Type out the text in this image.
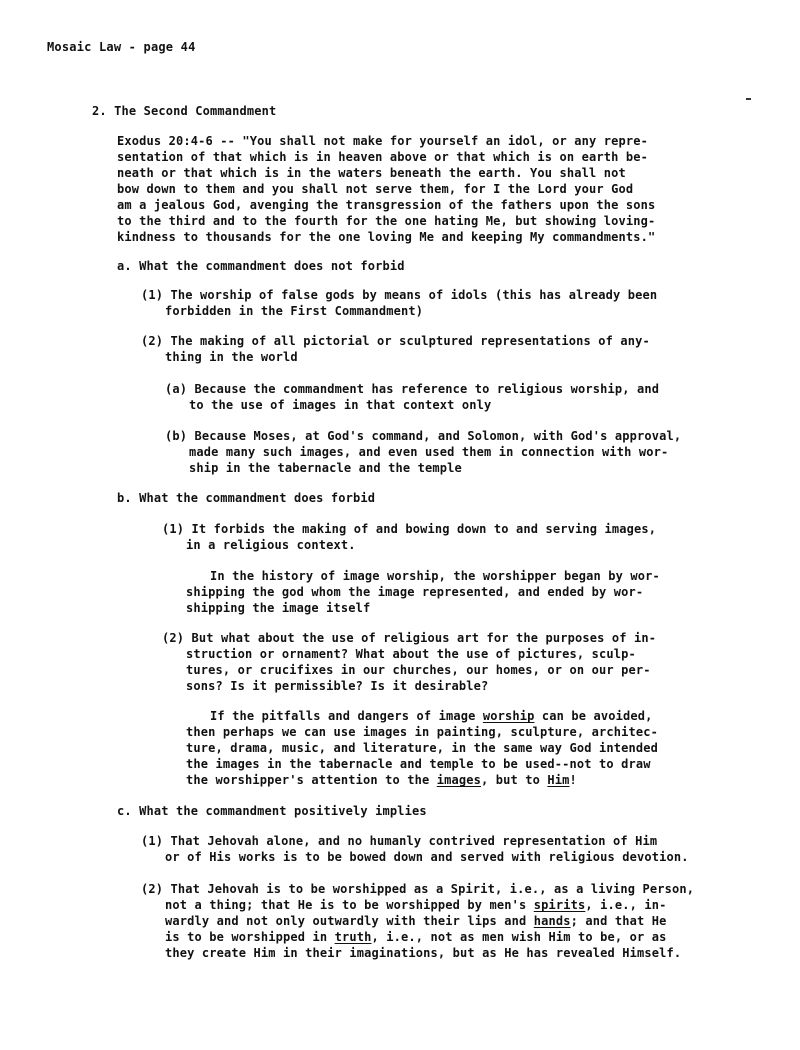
Mosaic Law - page 44
2. The Second Commandment
Exodus 20:4-6 -- "You shall not make for yourself an idol, or any repre-
sentation of that which is in heaven above or that which is on earth be-
neath or that which is in the waters beneath the earth. You shall not
bow down to them and you shall not serve them, for I the Lord your God
am a jealous God, avenging the transgression of the fathers upon the sons
to the third and to the fourth for the one hating Me, but showing loving-
kindness to thousands for the one loving Me and keeping My commandments."
a. What the commandment does not forbid
(1) The worship of false gods by means of idols (this has already been
forbidden in the First Commandment)
(2) The making of all pictorial or sculptured representations of any-
thing in the world
(a) Because the commandment has reference to religious worship, and
to the use of images in that context only
(b) Because Moses, at God's command, and Solomon, with God's approval,
made many such images, and even used them in connection with wor-
ship in the tabernacle and the temple
b. What the commandment does forbid
(1) It forbids the making of and bowing down to and serving images,
in a religious context.
In the history of image worship, the worshipper began by wor-
shipping the god whom the image represented, and ended by wor-
shipping the image itself
(2) But what about the use of religious art for the purposes of in-
struction or ornament? What about the use of pictures, sculp-
tures, or crucifixes in our churches, our homes, or on our per-
sons? Is it permissible? Is it desirable?
If the pitfalls and dangers of image worship can be avoided,
then perhaps we can use images in painting, sculpture, architec-
ture, drama, music, and literature, in the same way God intended
the images in the tabernacle and temple to be used--not to draw
the worshipper's attention to the images, but to Him!
c. What the commandment positively implies
(1) That Jehovah alone, and no humanly contrived representation of Him
or of His works is to be bowed down and served with religious devotion.
(2) That Jehovah is to be worshipped as a Spirit, i.e., as a living Person,
not a thing; that He is to be worshipped by men's spirits, i.e., in-
wardly and not only outwardly with their lips and hands; and that He
is to be worshipped in truth, i.e., not as men wish Him to be, or as
they create Him in their imaginations, but as He has revealed Himself.
